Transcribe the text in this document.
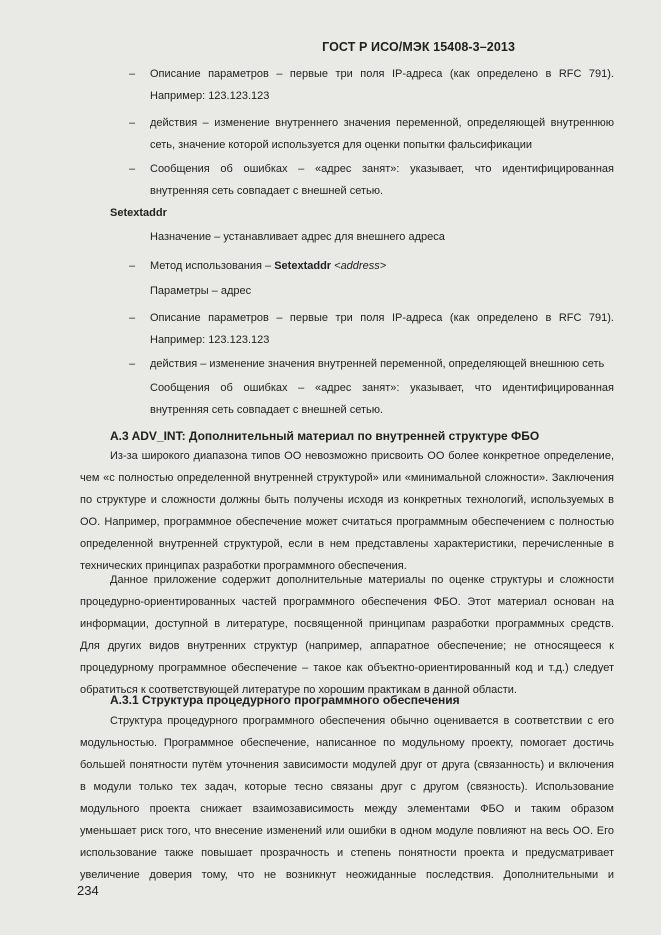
ГОСТ Р ИСО/МЭК 15408-3–2013
– Описание параметров – первые три поля IP-адреса (как определено в RFC 791).
Например: 123.123.123
– действия – изменение внутреннего значения переменной, определяющей внутреннюю
сеть, значение которой используется для оценки попытки фальсификации
– Сообщения об ошибках – «адрес занят»: указывает, что идентифицированная
внутренняя сеть совпадает с внешней сетью.
Setextaddr
Назначение – устанавливает адрес для внешнего адреса
– Метод использования – Setextaddr <address>
Параметры – адрес
– Описание параметров – первые три поля IP-адреса (как определено в RFC 791).
Например: 123.123.123
– действия – изменение значения внутренней переменной, определяющей внешнюю сеть
Сообщения об ошибках – «адрес занят»: указывает, что идентифицированная
внутренняя сеть совпадает с внешней сетью.
A.3 ADV_INT: Дополнительный материал по внутренней структуре ФБО
Из-за широкого диапазона типов ОО невозможно присвоить ОО более конкретное определение,
чем «с полностью определенной внутренней структурой» или «минимальной сложности». Заключения
по структуре и сложности должны быть получены исходя из конкретных технологий, используемых в
ОО. Например, программное обеспечение может считаться программным обеспечением с полностью
определенной внутренней структурой, если в нем представлены характеристики, перечисленные в
технических принципах разработки программного обеспечения.
Данное приложение содержит дополнительные материалы по оценке структуры и сложности
процедурно-ориентированных частей программного обеспечения ФБО. Этот материал основан на
информации, доступной в литературе, посвященной принципам разработки программных средств.
Для других видов внутренних структур (например, аппаратное обеспечение; не относящееся к
процедурному программное обеспечение – такое как объектно-ориентированный код и т.д.) следует
обратиться к соответствующей литературе по хорошим практикам в данной области.
A.3.1 Структура процедурного программного обеспечения
Структура процедурного программного обеспечения обычно оценивается в соответствии с его
модульностью. Программное обеспечение, написанное по модульному проекту, помогает достичь
большей понятности путём уточнения зависимости модулей друг от друга (связанность) и включения
в модули только тех задач, которые тесно связаны друг с другом (связность). Использование
модульного проекта снижает взаимозависимость между элементами ФБО и таким образом
уменьшает риск того, что внесение изменений или ошибки в одном модуле повлияют на весь ОО. Его
использование также повышает прозрачность и степень понятности проекта и предусматривает
увеличение доверия тому, что не возникнут неожиданные последствия. Дополнительными и
234
